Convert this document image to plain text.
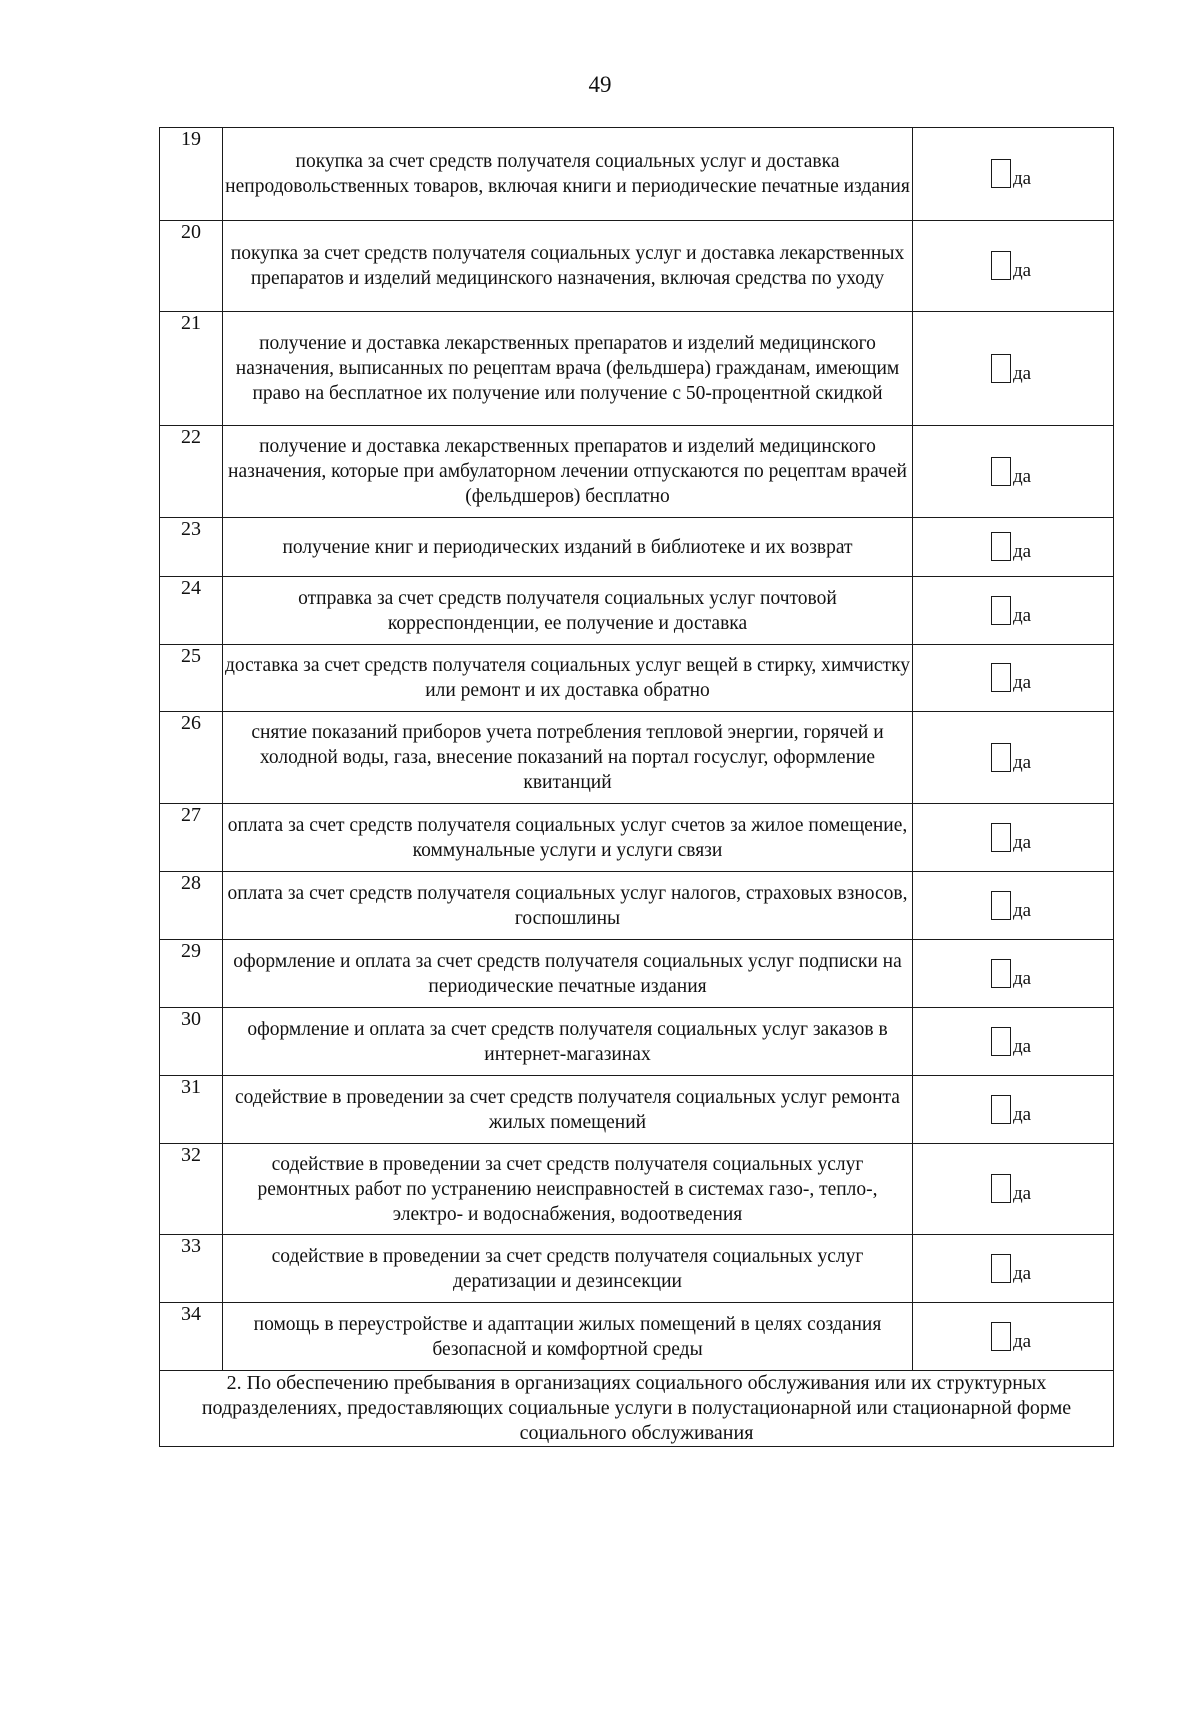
49
19	покупка за счет средств получателя социальных услуг и доставка непродовольственных товаров, включая книги и периодические печатные издания	да

20	покупка за счет средств получателя социальных услуг и доставка лекарственных препаратов и изделий медицинского назначения, включая средства по уходу	да

21	получение и доставка лекарственных препаратов и изделий медицинского назначения, выписанных по рецептам врача (фельдшера) гражданам, имеющим право на бесплатное их получение или получение с 50-процентной скидкой	да

22	получение и доставка лекарственных препаратов и изделий медицинского назначения, которые при амбулаторном лечении отпускаются по рецептам врачей (фельдшеров) бесплатно	да

23	получение книг и периодических изданий в библиотеке и их возврат	да

24	отправка за счет средств получателя социальных услуг почтовой корреспонденции, ее получение и доставка	да

25	доставка за счет средств получателя социальных услуг вещей в стирку, химчистку или ремонт и их доставка обратно	да

26	снятие показаний приборов учета потребления тепловой энергии, горячей и холодной воды, газа, внесение показаний на портал госуслуг, оформление квитанций	да

27	оплата за счет средств получателя социальных услуг счетов за жилое помещение, коммунальные услуги и услуги связи	да

28	оплата за счет средств получателя социальных услуг налогов, страховых взносов, госпошлины	да

29	оформление и оплата за счет средств получателя социальных услуг подписки на периодические печатные издания	да

30	оформление и оплата за счет средств получателя социальных услуг заказов в интернет-магазинах	да

31	содействие в проведении за счет средств получателя социальных услуг ремонта жилых помещений	да

32	содействие в проведении за счет средств получателя социальных услуг ремонтных работ по устранению неисправностей в системах газо-, тепло-, электро- и водоснабжения, водоотведения	да

33	содействие в проведении за счет средств получателя социальных услуг дератизации и дезинсекции	да

34	помощь в переустройстве и адаптации жилых помещений в целях создания безопасной и комфортной среды	да

2. По обеспечению пребывания в организациях социального обслуживания или их структурных подразделениях, предоставляющих социальные услуги в полустационарной или стационарной форме социального обслуживания		
